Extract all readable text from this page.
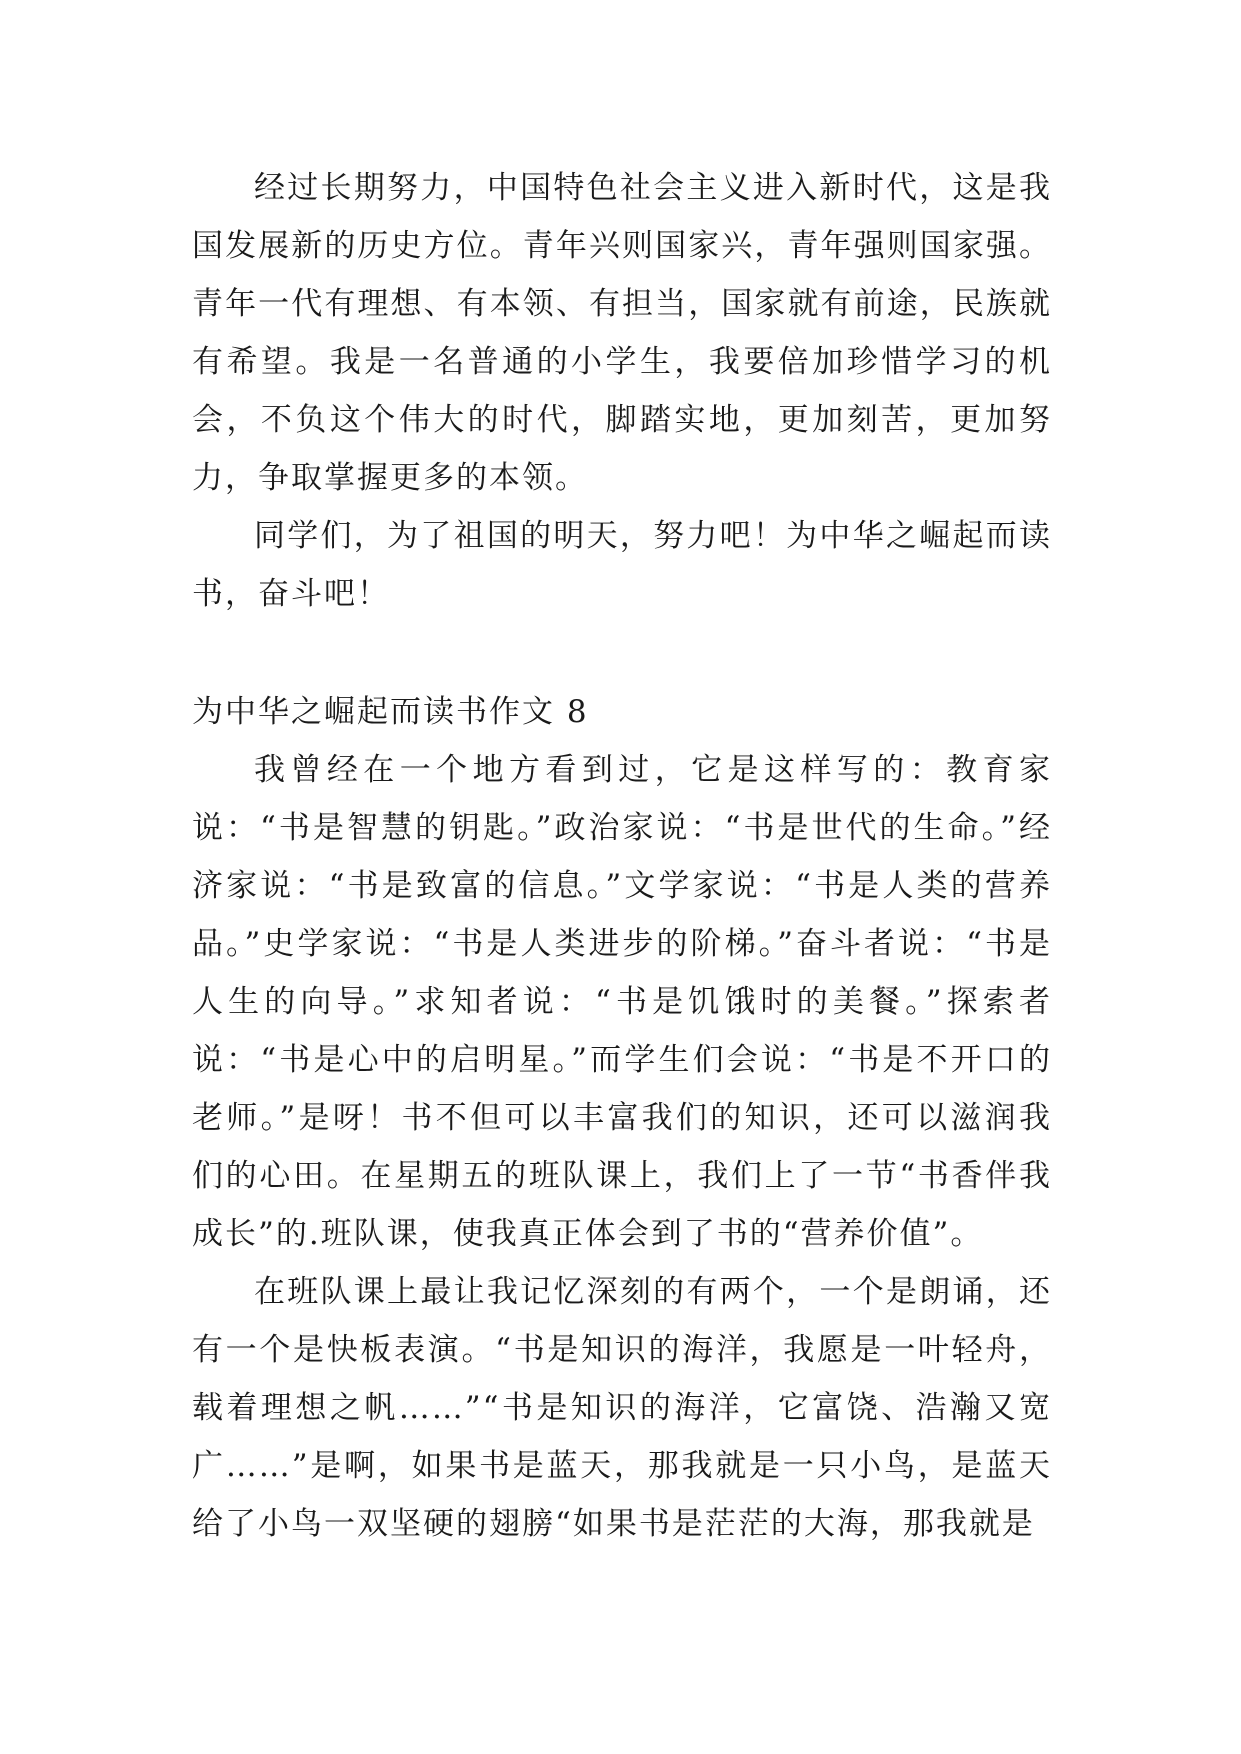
经过长期努力，中国特色社会主义进入新时代，这是我国发展新的历史方位。青年兴则国家兴，青年强则国家强。青年一代有理想、有本领、有担当，国家就有前途，民族就有希望。我是一名普通的小学生，我要倍加珍惜学习的机会，不负这个伟大的时代，脚踏实地，更加刻苦，更加努力，争取掌握更多的本领。

同学们，为了祖国的明天，努力吧！为中华之崛起而读书，奋斗吧！

为中华之崛起而读书作文 8

我曾经在一个地方看到过，它是这样写的：教育家说：“书是智慧的钥匙。”政治家说：“书是世代的生命。”经济家说：“书是致富的信息。”文学家说：“书是人类的营养品。”史学家说：“书是人类进步的阶梯。”奋斗者说：“书是人生的向导。”求知者说：“书是饥饿时的美餐。”探索者说：“书是心中的启明星。”而学生们会说：“书是不开口的老师。”是呀！书不但可以丰富我们的知识，还可以滋润我们的心田。在星期五的班队课上，我们上了一节“书香伴我成长”的.班队课，使我真正体会到了书的“营养价值”。

在班队课上最让我记忆深刻的有两个，一个是朗诵，还有一个是快板表演。“书是知识的海洋，我愿是一叶轻舟，载着理想之帆……”“书是知识的海洋，它富饶、浩瀚又宽广……”是啊，如果书是蓝天，那我就是一只小鸟，是蓝天给了小鸟一双坚硬的翅膀“如果书是茫茫的大海，那我就是
